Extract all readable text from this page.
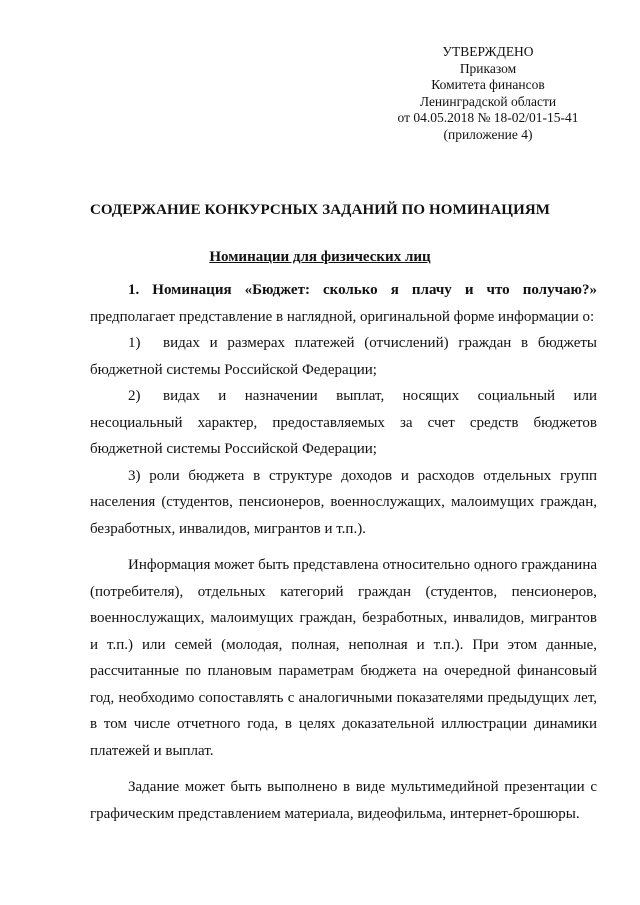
УТВЕРЖДЕНО
Приказом
Комитета финансов
Ленинградской области
от 04.05.2018 № 18-02/01-15-41
(приложение 4)
СОДЕРЖАНИЕ КОНКУРСНЫХ ЗАДАНИЙ ПО НОМИНАЦИЯМ
Номинации для физических лиц

1. Номинация «Бюджет: сколько я плачу и что получаю?» предполагает представление в наглядной, оригинальной форме информации о:

1)  видах и размерах платежей (отчислений) граждан в бюджеты бюджетной системы Российской Федерации;

2)  видах и назначении выплат, носящих социальный или несоциальный характер, предоставляемых за счет средств бюджетов бюджетной системы Российской Федерации;

3) роли бюджета в структуре доходов и расходов отдельных групп населения (студентов, пенсионеров, военнослужащих, малоимущих граждан, безработных, инвалидов, мигрантов и т.п.).

Информация может быть представлена относительно одного гражданина (потребителя), отдельных категорий граждан (студентов, пенсионеров, военнослужащих, малоимущих граждан, безработных, инвалидов, мигрантов и т.п.) или семей (молодая, полная, неполная и т.п.). При этом данные, рассчитанные по плановым параметрам бюджета на очередной финансовый год, необходимо сопоставлять с аналогичными показателями предыдущих лет, в том числе отчетного года, в целях доказательной иллюстрации динамики платежей и выплат.

Задание может быть выполнено в виде мультимедийной презентации с графическим представлением материала, видеофильма, интернет-брошюры.
